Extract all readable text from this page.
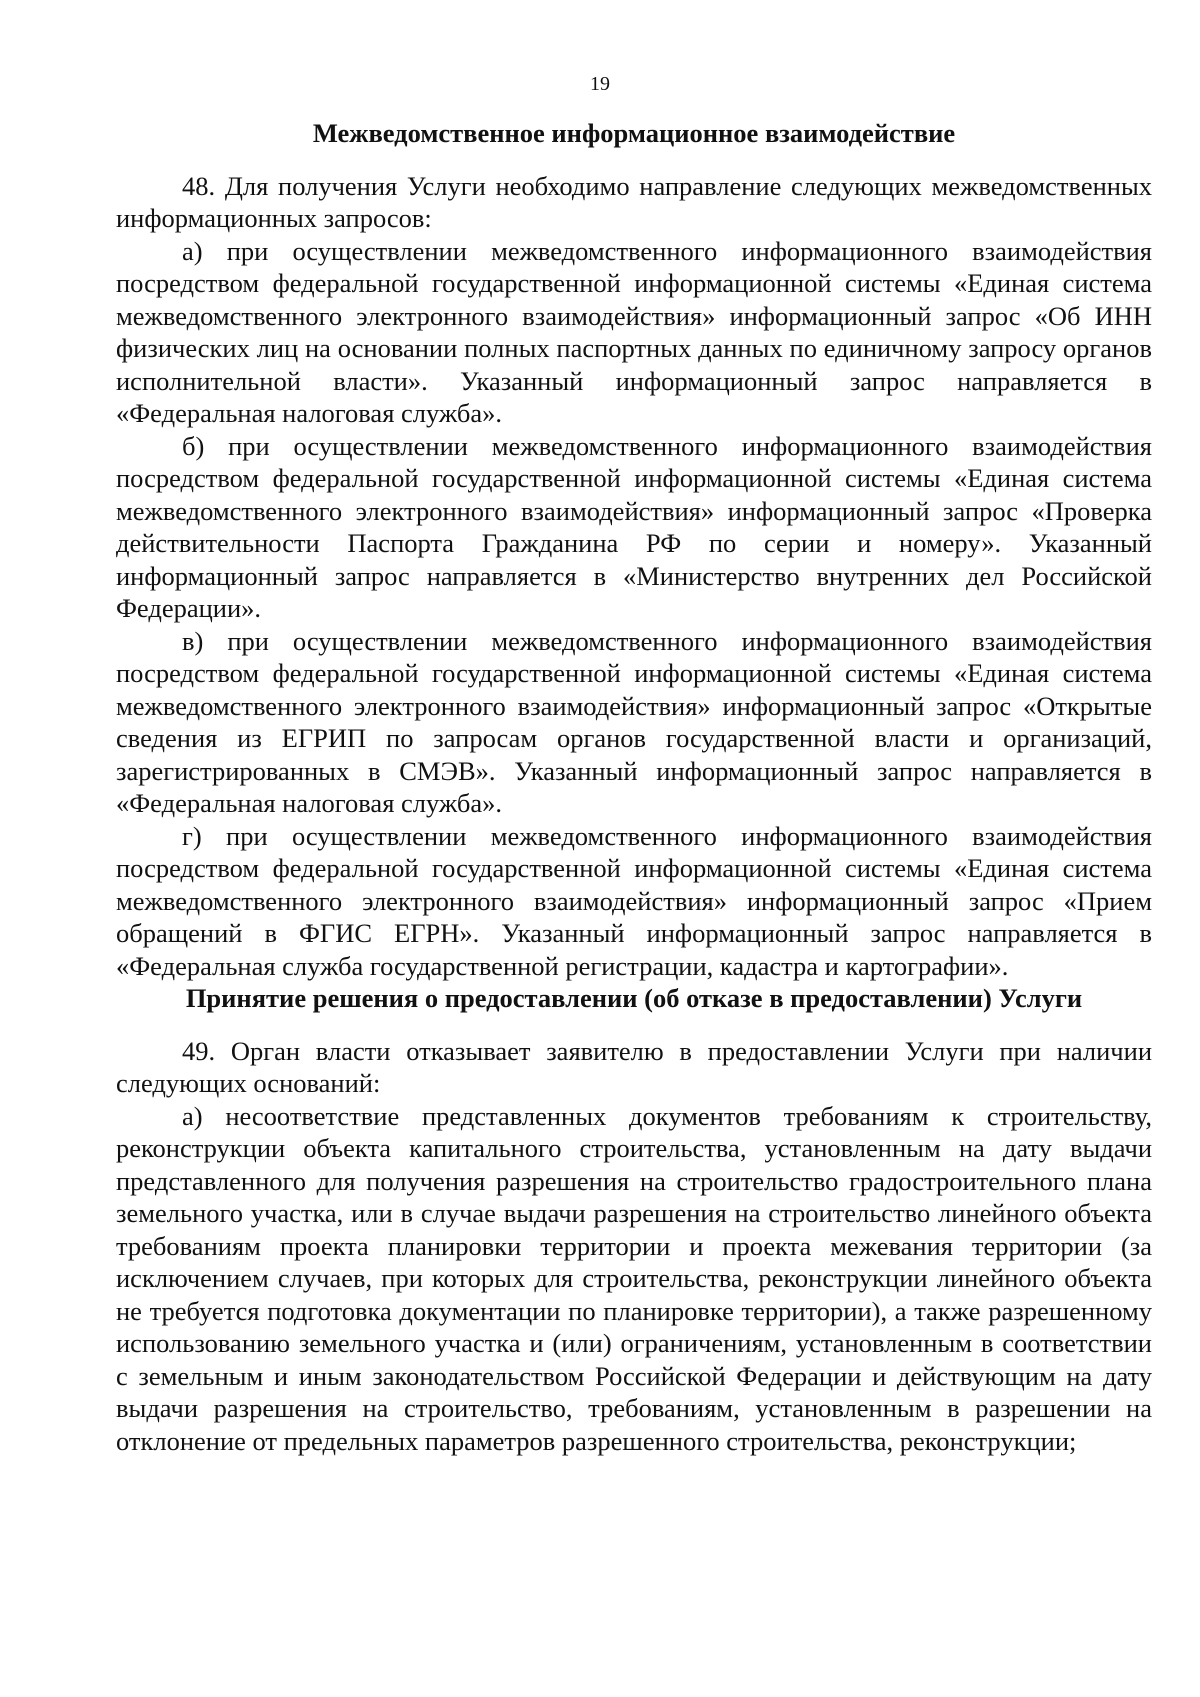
19
Межведомственное информационное взаимодействие

48. Для получения Услуги необходимо направление следующих межведомственных информационных запросов:

а) при осуществлении межведомственного информационного взаимодействия посредством федеральной государственной информационной системы «Единая система межведомственного электронного взаимодействия» информационный запрос «Об ИНН физических лиц на основании полных паспортных данных по единичному запросу органов исполнительной власти». Указанный информационный запрос направляется в «Федеральная налоговая служба».

б) при осуществлении межведомственного информационного взаимодействия посредством федеральной государственной информационной системы «Единая система межведомственного электронного взаимодействия» информационный запрос «Проверка действительности Паспорта Гражданина РФ по серии и номеру». Указанный информационный запрос направляется в «Министерство внутренних дел Российской Федерации».

в) при осуществлении межведомственного информационного взаимодействия посредством федеральной государственной информационной системы «Единая система межведомственного электронного взаимодействия» информационный запрос «Открытые сведения из ЕГРИП по запросам органов государственной власти и организаций, зарегистрированных в СМЭВ». Указанный информационный запрос направляется в «Федеральная налоговая служба».

г) при осуществлении межведомственного информационного взаимодействия посредством федеральной государственной информационной системы «Единая система межведомственного электронного взаимодействия» информационный запрос «Прием обращений в ФГИС ЕГРН». Указанный информационный запрос направляется в «Федеральная служба государственной регистрации, кадастра и картографии».

Принятие решения о предоставлении (об отказе в предоставлении) Услуги

49. Орган власти отказывает заявителю в предоставлении Услуги при наличии следующих оснований:

а) несоответствие представленных документов требованиям к строительству, реконструкции объекта капитального строительства, установленным на дату выдачи представленного для получения разрешения на строительство градостроительного плана земельного участка, или в случае выдачи разрешения на строительство линейного объекта требованиям проекта планировки территории и проекта межевания территории (за исключением случаев, при которых для строительства, реконструкции линейного объекта не требуется подготовка документации по планировке территории), а также разрешенному использованию земельного участка и (или) ограничениям, установленным в соответствии с земельным и иным законодательством Российской Федерации и действующим на дату выдачи разрешения на строительство, требованиям, установленным в разрешении на отклонение от предельных параметров разрешенного строительства, реконструкции;
